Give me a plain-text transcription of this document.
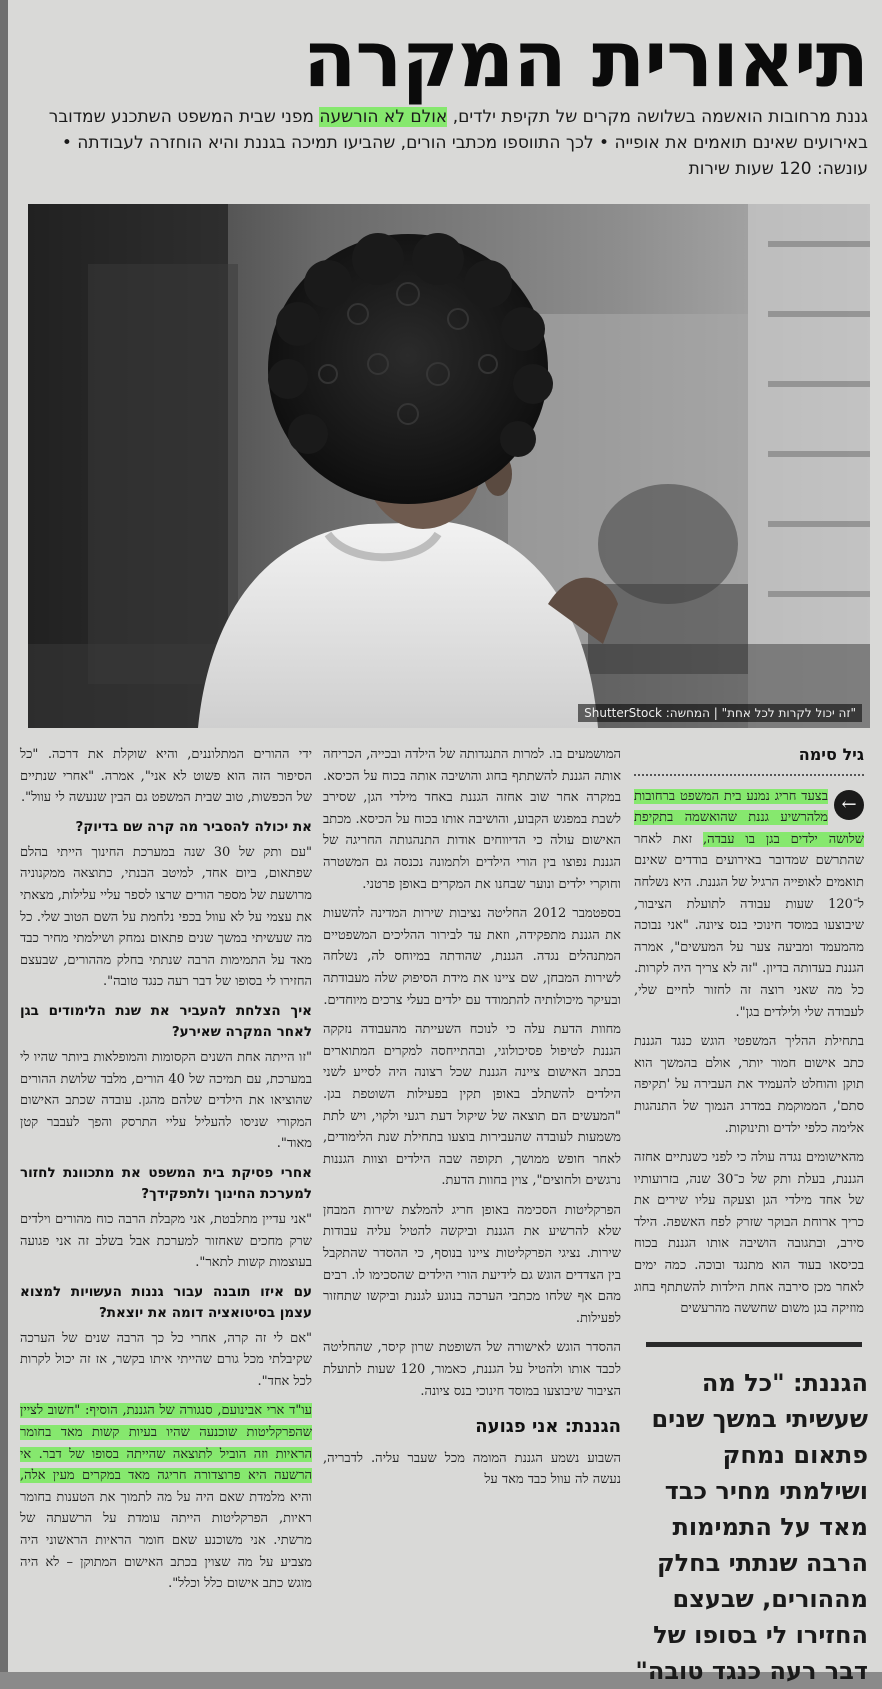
תיאורית המקרה
גננת מרחובות הואשמה בשלושה מקרים של תקיפת ילדים, אולם לא הורשעה מפני שבית המשפט השתכנע שמדובר באירועים שאינם תואמים את אופייה • לכך התווספו מכתבי הורים, שהביעו תמיכה בגננת והיא הוחזרה לעבודתה • עונשה: 120 שעות שירות
"זה יכול לקרות לכל אחת" | המחשה: ShutterStock
גיל סימה

←
בצעד חריג נמנע בית המשפט ברחובות מלהרשיע גננת שהואשמה בתקיפת שלושה ילדים בגן בו עבדה, זאת לאחר שהתרשם שמדובר באירועים בודדים שאינם תואמים לאופייה הרגיל של הגננת. היא נשלחה ל־120 שעות עבודה לתועלת הציבור, שיבוצעו במוסד חינוכי בנס ציונה. "אני נבוכה מהמעמד ומביעה צער על המעשים", אמרה הגננת בעדותה בדיון. "זה לא צריך היה לקרות. כל מה שאני רוצה זה לחזור לחיים שלי, לעבודה שלי ולילדים בגן".

בתחילת ההליך המשפטי הוגש כנגד הגננת כתב אישום חמור יותר, אולם בהמשך הוא תוקן והוחלט להעמיד את העבירה על 'תקיפה סתם', הממוקמת במדרג הנמוך של התנהגות אלימה כלפי ילדים ותינוקות.

מהאישומים נגדה עולה כי לפני כשנתיים אחזה הגננת, בעלת ותק של כ־30 שנה, בזרועותיו של אחד מילדי הגן וצעקה עליו שירים את כריך ארוחת הבוקר שזרק לפח האשפה. הילד סירב, ובתגובה הושיבה אותו הגננת בכוח בכיסאו בעוד הוא מתנגד ובוכה. כמה ימים לאחר מכן סירבה אחת הילדות להשתתף בחוג מוזיקה בגן משום שחששה מהרעשים

הגננת: "כל מה שעשיתי במשך שנים פתאום נמחק ושילמתי מחיר כבד מאד על התמימות הרבה שנתתי בחלק מההורים, שבעצם החזירו לי בסופו של דבר רעה כנגד טובה"

המושמעים בו. למרות התנגדותה של הילדה ובכייה, הכריחה אותה הגננת להשתתף בחוג והושיבה אותה בכוח על הכיסא. במקרה אחר שוב אחזה הגננת באחד מילדי הגן, שסירב לשבת במפגש הקבוע, והושיבה אותו בכוח על הכיסא. מכתב האישום עולה כי הדיווחים אודות התנהגותה החריגה של הגננת נפוצו בין הורי הילדים ולתמונה נכנסה גם המשטרה וחוקרי ילדים ונוער שבחנו את המקרים באופן פרטני.

בספטמבר 2012 החליטה נציבות שירות המדינה להשעות את הגננת מתפקידה, וזאת עד לבירור ההליכים המשפטיים המתנהלים נגדה. הגננת, שהודתה במיוחס לה, נשלחה לשירות המבחן, שם ציינו את מידת הסיפוק שלה מעבודתה ובעיקר מיכולותיה להתמודד עם ילדים בעלי צרכים מיוחדים.

מחוות הדעת עלה כי לנוכח השעייתה מהעבודה נזקקה הגננת לטיפול פסיכולוגי, ובהתייחסה למקרים המתוארים בכתב האישום ציינה הגננת שכל רצונה היה לסייע לשני הילדים להשתלב באופן תקין בפעילות השוטפת בגן. "המעשים הם תוצאה של שיקול דעת רגעי ולקוי, ויש לתת משמעות לעובדה שהעבירות בוצעו בתחילת שנת הלימודים, לאחר חופש ממושך, תקופה שבה הילדים וצוות הגננות נרגשים ולחוצים", צוין בחוות הדעת.

הפרקליטות הסכימה באופן חריג להמלצת שירות המבחן שלא להרשיע את הגננת וביקשה להטיל עליה עבודות שירות. נציגי הפרקליטות ציינו בנוסף, כי ההסדר שהתקבל בין הצדדים הוגש גם לידיעת הורי הילדים שהסכימו לו. רבים מהם אף שלחו מכתבי הערכה בנוגע לגננת וביקשו שתחזור לפעילות.

ההסדר הוגש לאישורה של השופטת שרון קיסר, שהחליטה לכבד אותו ולהטיל על הגננת, כאמור, 120 שעות לתועלת הציבור שיבוצעו במוסד חינוכי בנס ציונה.

הגננת: אני פגועה

השבוע נשמע הגננת המומה מכל שעבר עליה. לדבריה, נעשה לה עוול כבד מאד על

ידי ההורים המתלוננים, והיא שוקלת את דרכה. "כל הסיפור הזה הוא פשוט לא אני", אמרה. "אחרי שנתיים של הכפשות, טוב שבית המשפט גם הבין שנעשה לי עוול".

את יכולה להסביר מה קרה שם בדיוק?

"עם ותק של 30 שנה במערכת החינוך הייתי בהלם שפתאום, ביום אחד, למיטב הבנתי, כתוצאה ממקנוניה מרושעת של מספר הורים שרצו לספר עליי עלילות, מצאתי את עצמי על לא עוול בכפי נלחמת על השם הטוב שלי. כל מה שעשיתי במשך שנים פתאום נמחק ושילמתי מחיר כבד מאד על התמימות הרבה שנתתי בחלק מההורים, שבעצם החזירו לי בסופו של דבר רעה כנגד טובה".

איך הצלחת להעביר את שנת הלימודים בגן לאחר המקרה שאירע?

"זו הייתה אחת השנים הקסומות והמופלאות ביותר שהיו לי במערכת, עם תמיכה של 40 הורים, מלבד שלושת ההורים שהוציאו את הילדים שלהם מהגן. עובדה שכתב האישום המקורי שניסו להעליל עליי התרסק והפך לעבבר קטן מאוד".

אחרי פסיקת בית המשפט את מתכוונת לחזור למערכת החינוך ולתפקידך?

"אני עדיין מתלבטת, אני מקבלת הרבה כוח מהורים וילדים שרק מחכים שאחזור למערכת אבל בשלב זה אני פגועה בעוצמות קשות לתאר".

עם איזו תובנה עבור גננות העשויות למצוא עצמן בסיטואציה דומה את יוצאת?

"אם לי זה קרה, אחרי כל כך הרבה שנים של הערכה שקיבלתי מכל גורם שהייתי איתו בקשר, אז זה יכול לקרות לכל אחד".

עו"ד ארי אבינועם, סנגורה של הגננת, הוסיף: "חשוב לציין שהפרקליטות שוכנעה שהיו בעיות קשות מאד בחומר הראיות וזה הוביל לתוצאה שהייתה בסופו של דבר. אי הרשעה היא פרוצדורה חריגה מאד במקרים מעין אלה, והיא מלמדת שאם היה על מה לתמוך את הטענות בחומר ראיות, הפרקליטות הייתה עומדת על הרשעתה של מרשתי. אני משוכנע שאם חומר הראיות הראשוני היה מצביע על מה שצוין בכתב האישום המתוקן – לא היה מוגש כתב אישום כלל וכלל".
